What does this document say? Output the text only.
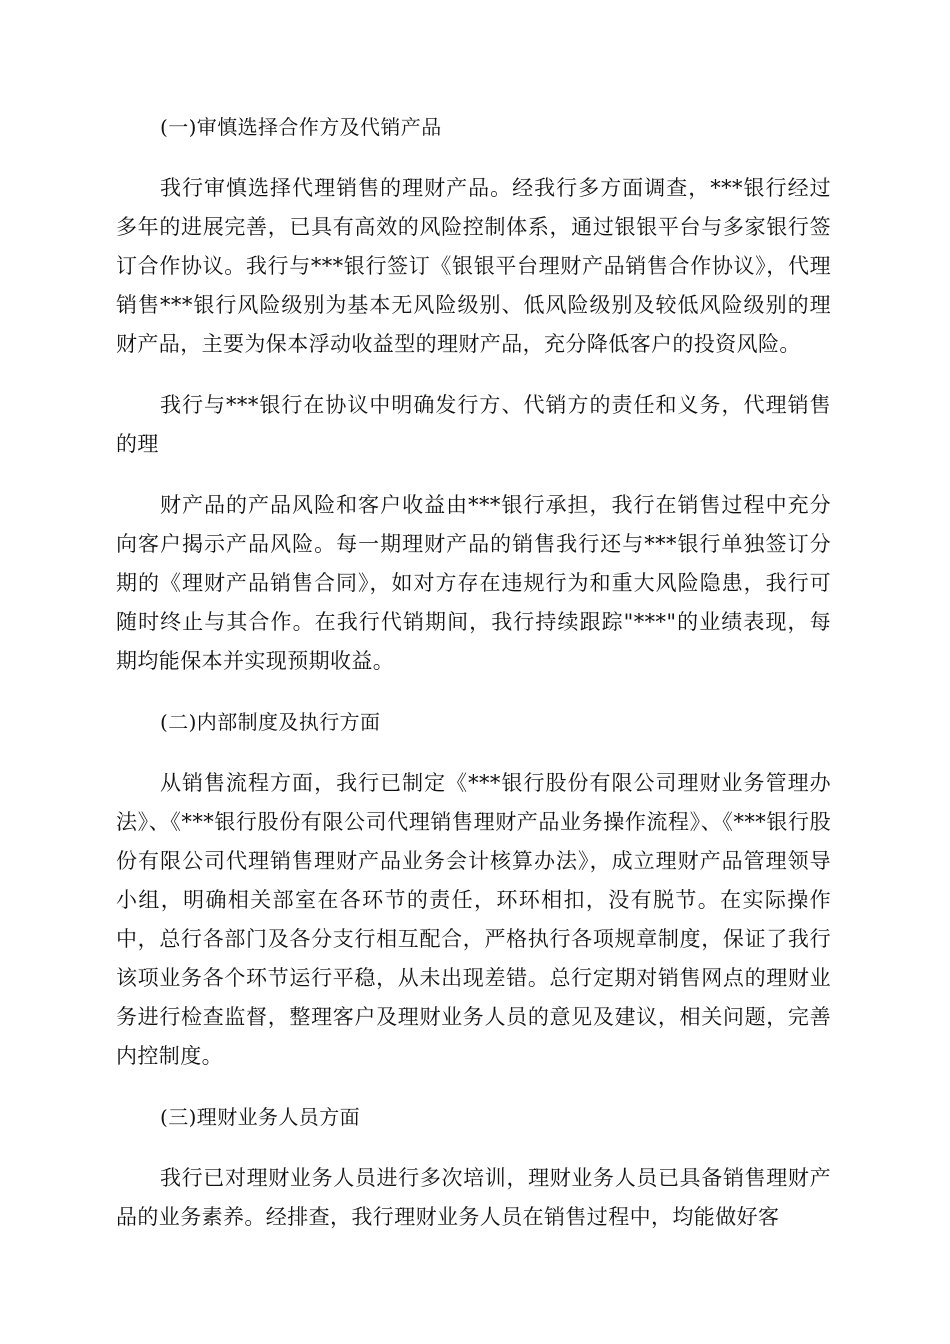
(一)审慎选择合作方及代销产品

我行审慎选择代理销售的理财产品。经我行多方面调查，***银行经过多年的进展完善，已具有高效的风险控制体系，通过银银平台与多家银行签订合作协议。我行与***银行签订《银银平台理财产品销售合作协议》，代理销售***银行风险级别为基本无风险级别、低风险级别及较低风险级别的理财产品，主要为保本浮动收益型的理财产品，充分降低客户的投资风险。

我行与***银行在协议中明确发行方、代销方的责任和义务，代理销售的理

财产品的产品风险和客户收益由***银行承担，我行在销售过程中充分向客户揭示产品风险。每一期理财产品的销售我行还与***银行单独签订分期的《理财产品销售合同》，如对方存在违规行为和重大风险隐患，我行可随时终止与其合作。在我行代销期间，我行持续跟踪"***"的业绩表现，每期均能保本并实现预期收益。

(二)内部制度及执行方面

从销售流程方面，我行已制定《***银行股份有限公司理财业务管理办法》、《***银行股份有限公司代理销售理财产品业务操作流程》、《***银行股份有限公司代理销售理财产品业务会计核算办法》，成立理财产品管理领导小组，明确相关部室在各环节的责任，环环相扣，没有脱节。在实际操作中，总行各部门及各分支行相互配合，严格执行各项规章制度，保证了我行该项业务各个环节运行平稳，从未出现差错。总行定期对销售网点的理财业务进行检查监督，整理客户及理财业务人员的意见及建议，相关问题，完善内控制度。

(三)理财业务人员方面

我行已对理财业务人员进行多次培训，理财业务人员已具备销售理财产品的业务素养。经排查，我行理财业务人员在销售过程中，均能做好客
